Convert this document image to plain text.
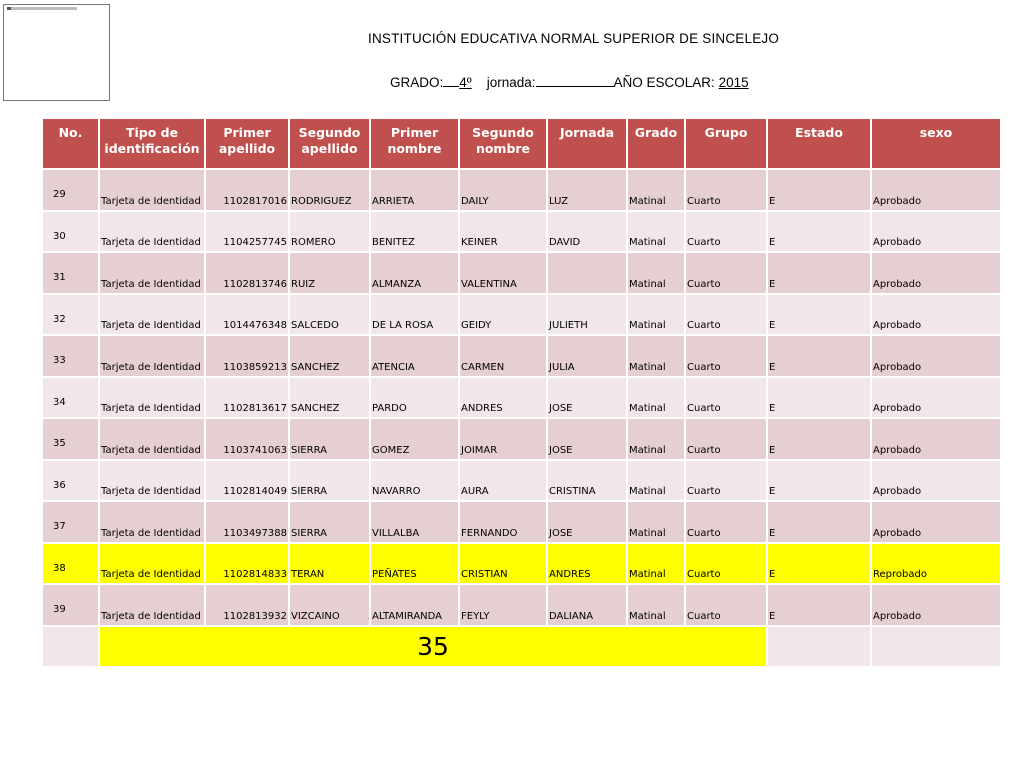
INSTITUCIÓN EDUCATIVA NORMAL SUPERIOR DE SINCELEJO
GRADO: 4º jornada:	AÑO ESCOLAR: 2015
No.	Tipo de identificación	Primer apellido	Segundo apellido	Primer nombre	Segundo nombre	Jornada	Grado	Grupo	Estado	sexo
29	Tarjeta de Identidad	1102817016	RODRIGUEZ	ARRIETA	DAILY	LUZ	Matinal	Cuarto	E	Aprobado
30	Tarjeta de Identidad	1104257745	ROMERO	BENITEZ	KEINER	DAVID	Matinal	Cuarto	E	Aprobado
31	Tarjeta de Identidad	1102813746	RUIZ	ALMANZA	VALENTINA		Matinal	Cuarto	E	Aprobado
32	Tarjeta de Identidad	1014476348	SALCEDO	DE LA ROSA	GEIDY	JULIETH	Matinal	Cuarto	E	Aprobado
33	Tarjeta de Identidad	1103859213	SANCHEZ	ATENCIA	CARMEN	JULIA	Matinal	Cuarto	E	Aprobado
34	Tarjeta de Identidad	1102813617	SANCHEZ	PARDO	ANDRES	JOSE	Matinal	Cuarto	E	Aprobado
35	Tarjeta de Identidad	1103741063	SIERRA	GOMEZ	JOIMAR	JOSE	Matinal	Cuarto	E	Aprobado
36	Tarjeta de Identidad	1102814049	SIERRA	NAVARRO	AURA	CRISTINA	Matinal	Cuarto	E	Aprobado
37	Tarjeta de Identidad	1103497388	SIERRA	VILLALBA	FERNANDO	JOSE	Matinal	Cuarto	E	Aprobado
38	Tarjeta de Identidad	1102814833	TERAN	PEÑATES	CRISTIAN	ANDRES	Matinal	Cuarto	E	Reprobado
39	Tarjeta de Identidad	1102813932	VIZCAINO	ALTAMIRANDA	FEYLY	DALIANA	Matinal	Cuarto	E	Aprobado
	35									
